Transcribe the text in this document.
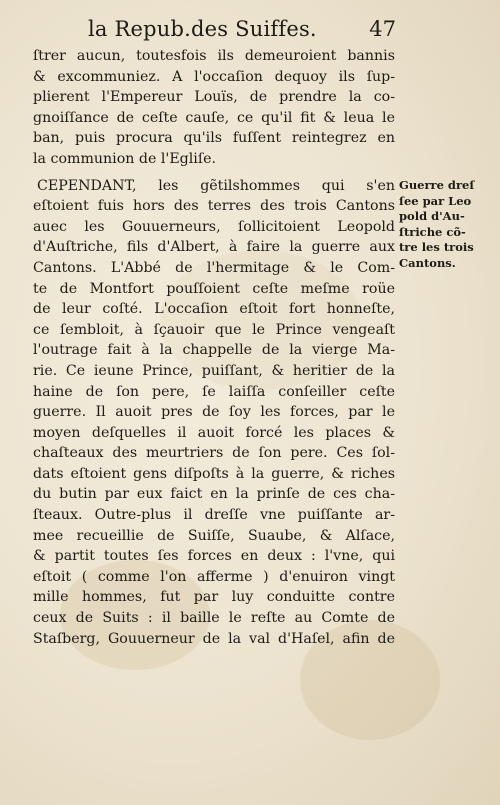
la Repub.des Suiffes.	47
ſtrer aucun, toutesfois ils demeuroient bannis
& excommuniez. A l'occaſion dequoy ils ſup-
plierent l'Empereur Louïs, de prendre la co-
gnoiſſance de ceſte cauſe, ce qu'il fit & leua le
ban, puis procura qu'ils fuſſent reintegrez en
la communion de l'Egliſe.
CEPENDANT, les gẽtilshommes qui s'en
eſtoient fuis hors des terres des trois Cantons
auec les Gouuerneurs, ſollicitoient Leopold
d'Auſtriche, fils d'Albert, à faire la guerre aux
Cantons. L'Abbé de l'hermitage & le Com-
te de Montfort pouſſoient ceſte meſme roüe
de leur coſté. L'occaſion eſtoit fort honneſte,
ce ſembloit, à ſçauoir que le Prince vengeaſt
l'outrage fait à la chappelle de la vierge Ma-
rie. Ce ieune Prince, puiſſant, & heritier de la
haine de ſon pere, ſe laiſſa conſeiller ceſte
guerre. Il auoit pres de ſoy les forces, par le
moyen deſquelles il auoit forcé les places &
chaſteaux des meurtriers de ſon pere. Ces ſol-
dats eſtoient gens diſpoſts à la guerre, & riches
du butin par eux faict en la prinſe de ces cha-
ſteaux. Outre-plus il dreſſe vne puiſſante ar-
mee recueillie de Suiſſe, Suaube, & Alſace,
& partit toutes ſes forces en deux : l'vne, qui
eſtoit ( comme l'on afferme ) d'enuiron vingt
mille hommes, fut par luy conduitte contre
ceux de Suits : il baille le reſte au Comte de
Staſberg, Gouuerneur de la val d'Haſel, afin de
Guerre dreſ
ſee par Leo
pold d'Au-
ſtriche cõ-
tre les trois
Cantons.
